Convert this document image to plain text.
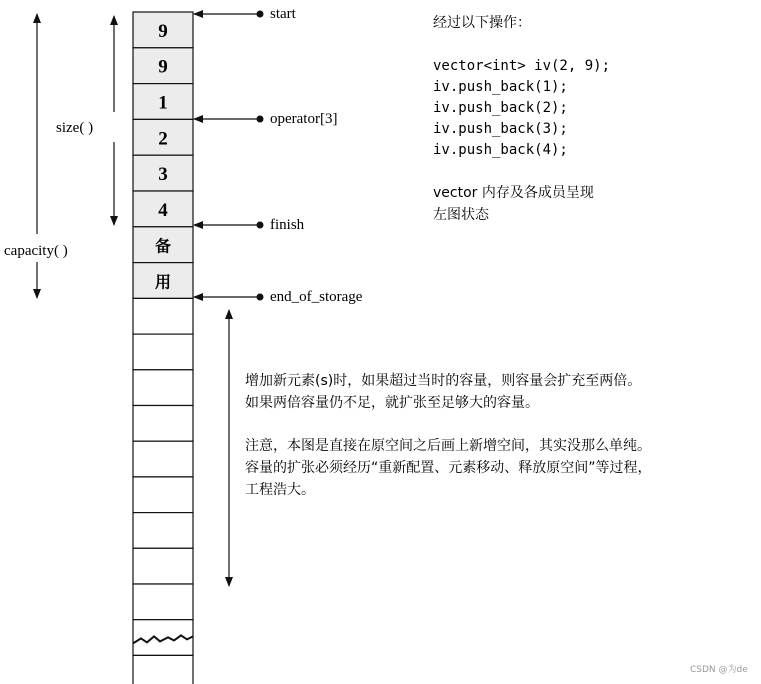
9
9
1
2
3
4
备
用
start
operator[3]
finish
end_of_storage
size( )
capacity( )
经过以下操作：
vector<int> iv(2, 9);
iv.push_back(1);
iv.push_back(2);
iv.push_back(3);
iv.push_back(4);
vector 内存及各成员呈现
左图状态
增加新元素(s)时，如果超过当时的容量，则容量会扩充至两倍。
如果两倍容量仍不足，就扩张至足够大的容量。
注意，本图是直接在原空间之后画上新增空间，其实没那么单纯。
容量的扩张必须经历“重新配置、元素移动、释放原空间”等过程，
工程浩大。
CSDN @为de
